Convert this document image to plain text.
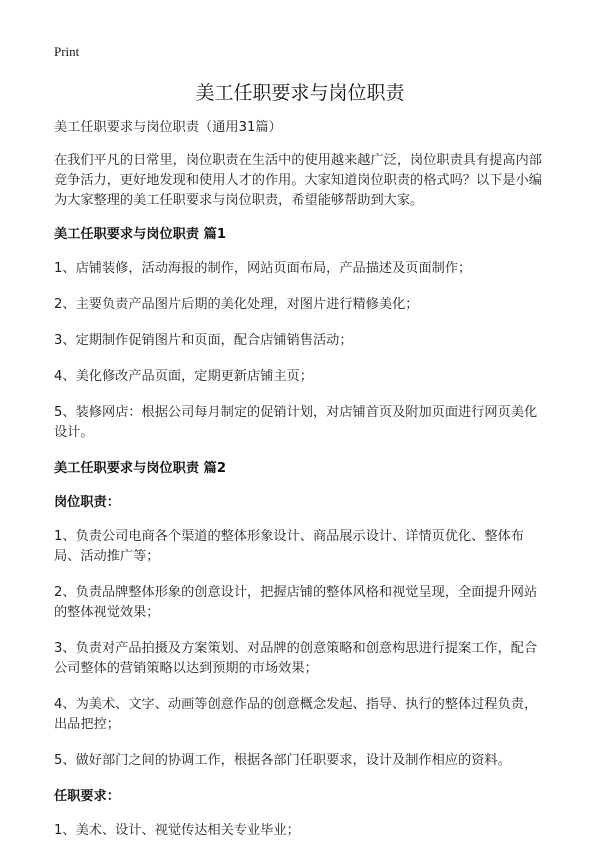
Print
美工任职要求与岗位职责

美工任职要求与岗位职责（通用31篇）

在我们平凡的日常里，岗位职责在生活中的使用越来越广泛，岗位职责具有提高内部竞争活力，更好地发现和使用人才的作用。大家知道岗位职责的格式吗？以下是小编为大家整理的美工任职要求与岗位职责，希望能够帮助到大家。

美工任职要求与岗位职责 篇1

1、店铺装修，活动海报的制作，网站页面布局，产品描述及页面制作；

2、主要负责产品图片后期的美化处理，对图片进行精修美化；

3、定期制作促销图片和页面，配合店铺销售活动；

4、美化修改产品页面，定期更新店铺主页；

5、装修网店：根据公司每月制定的促销计划，对店铺首页及附加页面进行网页美化设计。

美工任职要求与岗位职责 篇2

岗位职责：

1、负责公司电商各个渠道的整体形象设计、商品展示设计、详情页优化、整体布局、活动推广等；

2、负责品牌整体形象的创意设计，把握店铺的整体风格和视觉呈现，全面提升网站的整体视觉效果；

3、负责对产品拍摄及方案策划、对品牌的创意策略和创意构思进行提案工作，配合公司整体的营销策略以达到预期的市场效果；

4、为美术、文字、动画等创意作品的创意概念发起、指导、执行的整体过程负责，出品把控；

5、做好部门之间的协调工作，根据各部门任职要求，设计及制作相应的资料。

任职要求：

1、美术、设计、视觉传达相关专业毕业；
